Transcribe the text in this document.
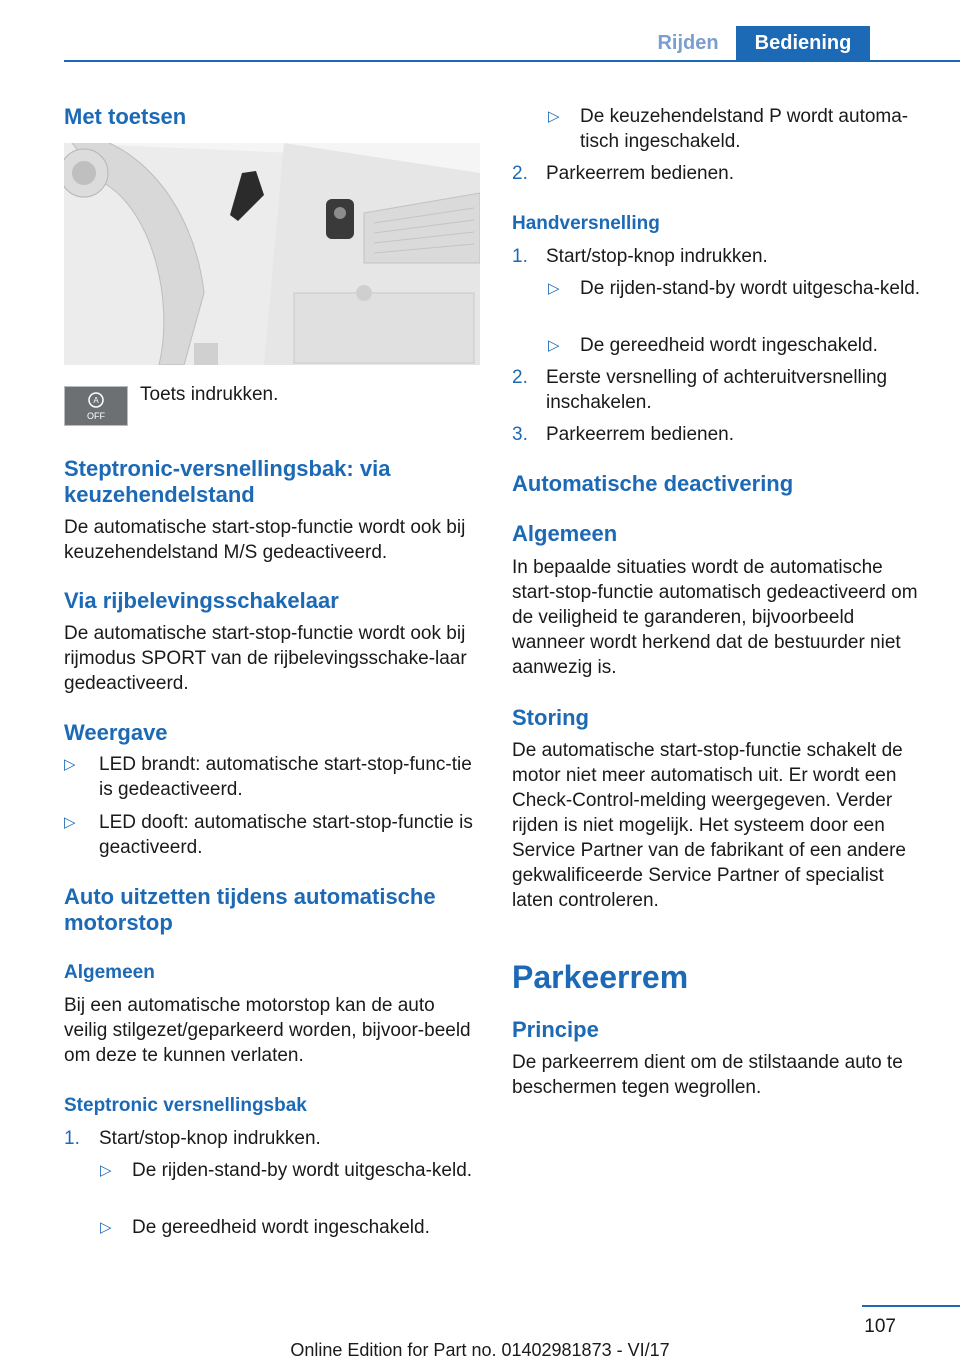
Rijden	Bediening
Met toetsen
A
OFF
Toets indrukken.
Steptronic-versnellingsbak: via keuzehendelstand
De automatische start-stop-functie wordt ook bij keuzehendelstand M/S gedeactiveerd.
Via rijbelevingsschakelaar
De automatische start-stop-functie wordt ook bij rijmodus SPORT van de rijbelevingsschake-laar gedeactiveerd.
Weergave
▷ LED brandt: automatische start-stop-func-tie is gedeactiveerd.
▷ LED dooft: automatische start-stop-functie is geactiveerd.
Auto uitzetten tijdens automatische motorstop
Algemeen
Bij een automatische motorstop kan de auto veilig stilgezet/geparkeerd worden, bijvoor-beeld om deze te kunnen verlaten.
Steptronic versnellingsbak
1. Start/stop-knop indrukken.
▷ De rijden-stand-by wordt uitgescha-keld.
▷ De gereedheid wordt ingeschakeld.
▷ De keuzehendelstand P wordt automa-tisch ingeschakeld.
2. Parkeerrem bedienen.
Handversnelling
1. Start/stop-knop indrukken.
▷ De rijden-stand-by wordt uitgescha-keld.
▷ De gereedheid wordt ingeschakeld.
2. Eerste versnelling of achteruitversnelling inschakelen.
3. Parkeerrem bedienen.
Automatische deactivering
Algemeen
In bepaalde situaties wordt de automatische start-stop-functie automatisch gedeactiveerd om de veiligheid te garanderen, bijvoorbeeld wanneer wordt herkend dat de bestuurder niet aanwezig is.
Storing
De automatische start-stop-functie schakelt de motor niet meer automatisch uit. Er wordt een Check-Control-melding weergegeven. Verder rijden is niet mogelijk. Het systeem door een Service Partner van de fabrikant of een andere gekwalificeerde Service Partner of specialist laten controleren.
Parkeerrem
Principe
De parkeerrem dient om de stilstaande auto te beschermen tegen wegrollen.
107
Online Edition for Part no. 01402981873 - VI/17
